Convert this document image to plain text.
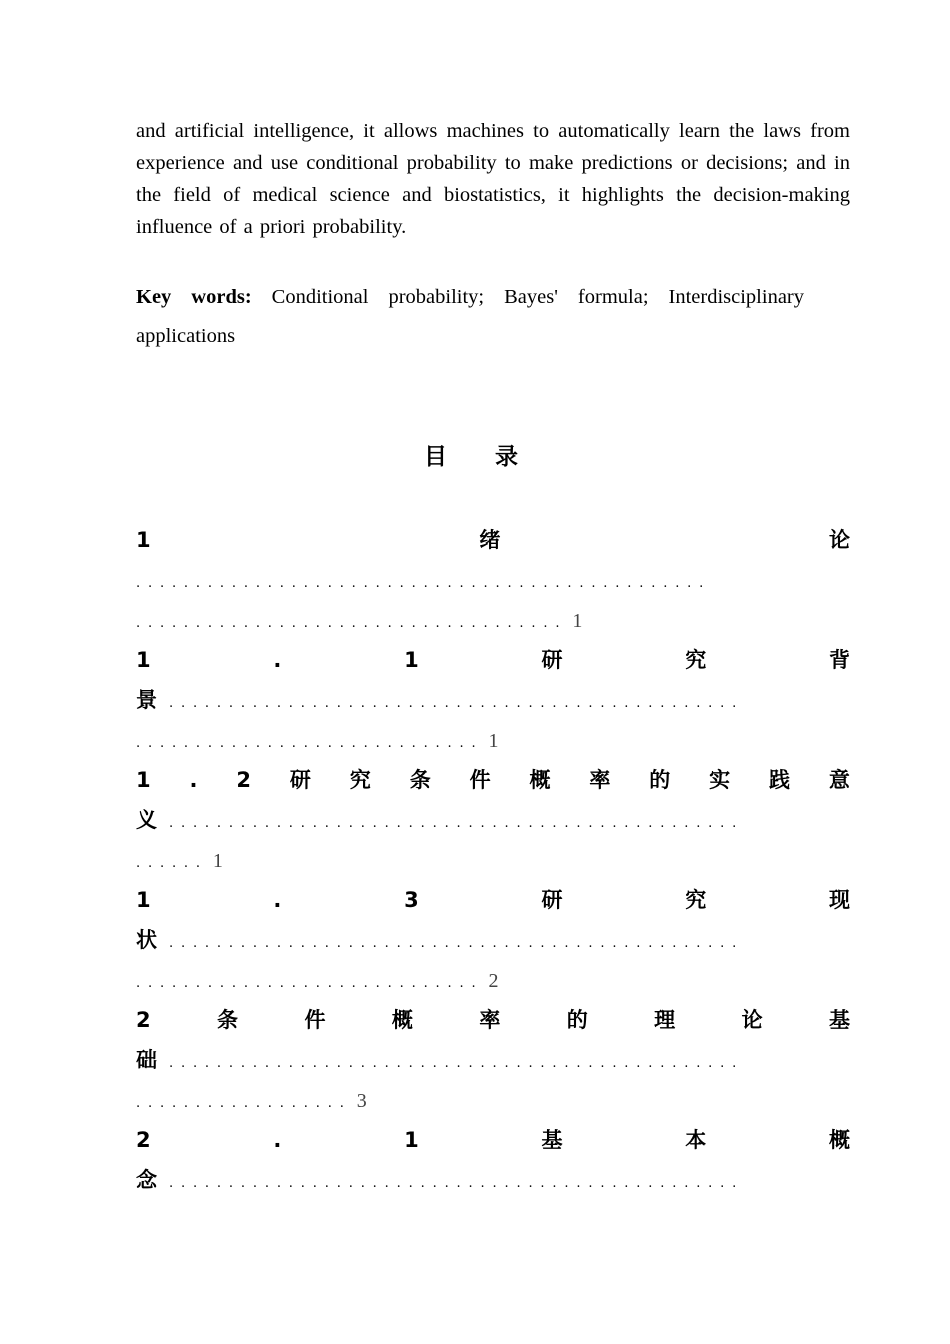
and artificial intelligence, it allows machines to automatically learn the laws from experience and use conditional probability to make predictions or decisions; and in the field of medical science and biostatistics, it highlights the decision-making influence of a priori probability.

Key words: Conditional probability; Bayes' formula; Interdisciplinary applications

目录
1	绪	论
................................................
.................................... 1
1	.	1	研	究	背
景 ................................................
............................. 1
1 . 2 研 究 条 件 概 率 的 实 践 意
义 ................................................
...... 1
1	.	3	研	究	现
状 ................................................
............................. 2
2	条	件	概	率	的	理	论	基
础 ................................................
.................. 3
2	.	1	基	本	概
念 ................................................
